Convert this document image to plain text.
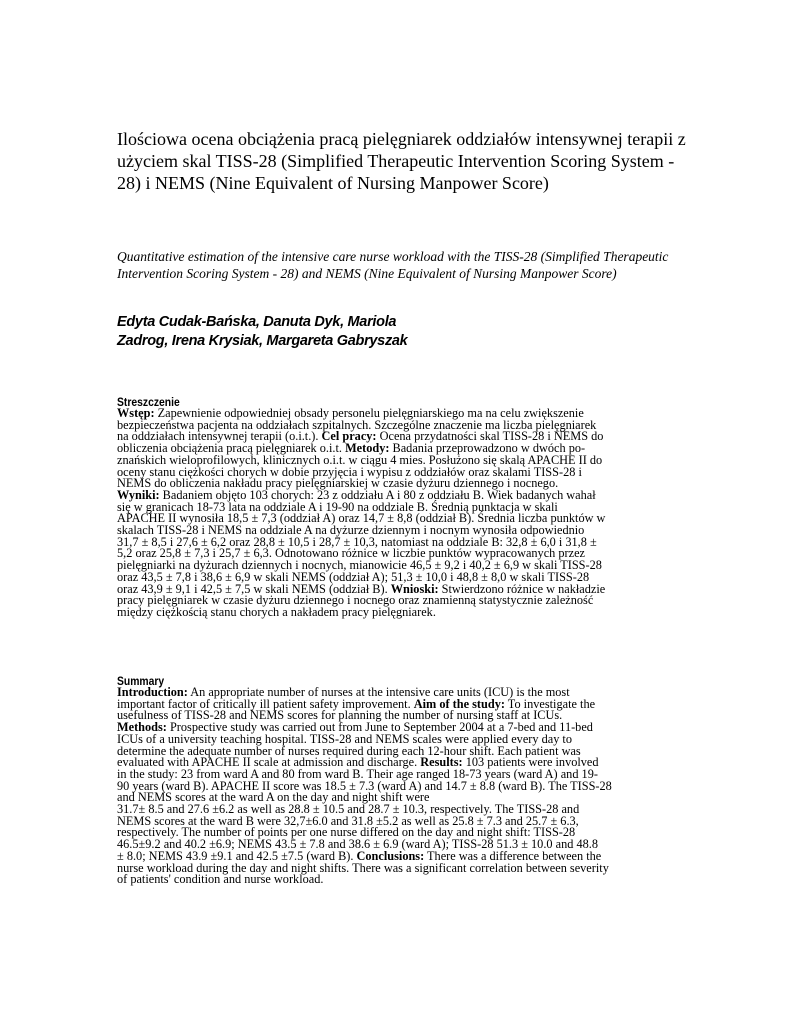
Ilościowa ocena obciążenia pracą pielęgniarek oddziałów intensywnej terapii z użyciem skal TISS-28 (Simplified Therapeutic Intervention Scoring System - 28) i NEMS (Nine Equivalent of Nursing Manpower Score)

Quantitative estimation of the intensive care nurse workload with the TISS-28 (Simplified Therapeutic Intervention Scoring System - 28) and NEMS (Nine Equivalent of Nursing Manpower Score)

Edyta Cudak-Bańska, Danuta Dyk, Mariola
Zadrog, Irena Krysiak, Margareta Gabryszak
Streszczenie
Wstęp: Zapewnienie odpowiedniej obsady personelu pielęgniarskiego ma na celu zwiększenie
bezpieczeństwa pacjenta na oddziałach szpitalnych. Szczególne znaczenie ma liczba pielęgniarek
na oddziałach intensywnej terapii (o.i.t.). Cel pracy: Ocena przydatności skal TISS-28 i NEMS do
obliczenia obciążenia pracą pielęgniarek o.i.t. Metody: Badania przeprowadzono w dwóch po-
znańskich wieloprofilowych, klinicznych o.i.t. w ciągu 4 mies. Posłużono się skalą APACHE II do
oceny stanu ciężkości chorych w dobie przyjęcia i wypisu z oddziałów oraz skalami TISS-28 i
NEMS do obliczenia nakładu pracy pielęgniarskiej w czasie dyżuru dziennego i nocnego.
Wyniki: Badaniem objęto 103 chorych: 23 z oddziału A i 80 z oddziału B. Wiek badanych wahał
się w granicach 18-73 lata na oddziale A i 19-90 na oddziale B. Średnią punktacja w skali
APACHE II wynosiła 18,5 ± 7,3 (oddział A) oraz 14,7 ± 8,8 (oddział B). Średnia liczba punktów w
skalach TISS-28 i NEMS na oddziale A na dyżurze dziennym i nocnym wynosiła odpowiednio
31,7 ± 8,5 i 27,6 ± 6,2 oraz 28,8 ± 10,5 i 28,7 ± 10,3, natomiast na oddziale B: 32,8 ± 6,0 i 31,8 ±
5,2 oraz 25,8 ± 7,3 i 25,7 ± 6,3. Odnotowano różnice w liczbie punktów wypracowanych przez
pielęgniarki na dyżurach dziennych i nocnych, mianowicie 46,5 ± 9,2 i 40,2 ± 6,9 w skali TISS-28
oraz 43,5 ± 7,8 i 38,6 ± 6,9 w skali NEMS (oddział A); 51,3 ± 10,0 i 48,8 ± 8,0 w skali TISS-28
oraz 43,9 ± 9,1 i 42,5 ± 7,5 w skali NEMS (oddział B). Wnioski: Stwierdzono różnice w nakładzie
pracy pielęgniarek w czasie dyżuru dziennego i nocnego oraz znamienną statystycznie zależność
między ciężkością stanu chorych a nakładem pracy pielęgniarek.
Summary
Introduction: An appropriate number of nurses at the intensive care units (ICU) is the most
important factor of critically ill patient safety improvement. Aim of the study: To investigate the
usefulness of TISS-28 and NEMS scores for planning the number of nursing staff at ICUs.
Methods: Prospective study was carried out from June to September 2004 at a 7-bed and 11-bed
ICUs of a university teaching hospital. TISS-28 and NEMS scales were applied every day to
determine the adequate number of nurses required during each 12-hour shift. Each patient was
evaluated with APACHE II scale at admission and discharge. Results: 103 patients were involved
in the study: 23 from ward A and 80 from ward B. Their age ranged 18-73 years (ward A) and 19-
90 years (ward B). APACHE II score was 18.5 ± 7.3 (ward A) and 14.7 ± 8.8 (ward B). The TISS-28
and NEMS scores at the ward A on the day and night shift were
31.7± 8.5 and 27.6 ±6.2 as well as 28.8 ± 10.5 and 28.7 ± 10.3, respectively. The TISS-28 and
NEMS scores at the ward B were 32,7±6.0 and 31.8 ±5.2 as well as 25.8 ± 7.3 and 25.7 ± 6.3,
respectively. The number of points per one nurse differed on the day and night shift: TISS-28
46.5±9.2 and 40.2 ±6.9; NEMS 43.5 ± 7.8 and 38.6 ± 6.9 (ward A); TISS-28 51.3 ± 10.0 and 48.8
± 8.0; NEMS 43.9 ±9.1 and 42.5 ±7.5 (ward B). Conclusions: There was a difference between the
nurse workload during the day and night shifts. There was a significant correlation between severity
of patients' condition and nurse workload.
